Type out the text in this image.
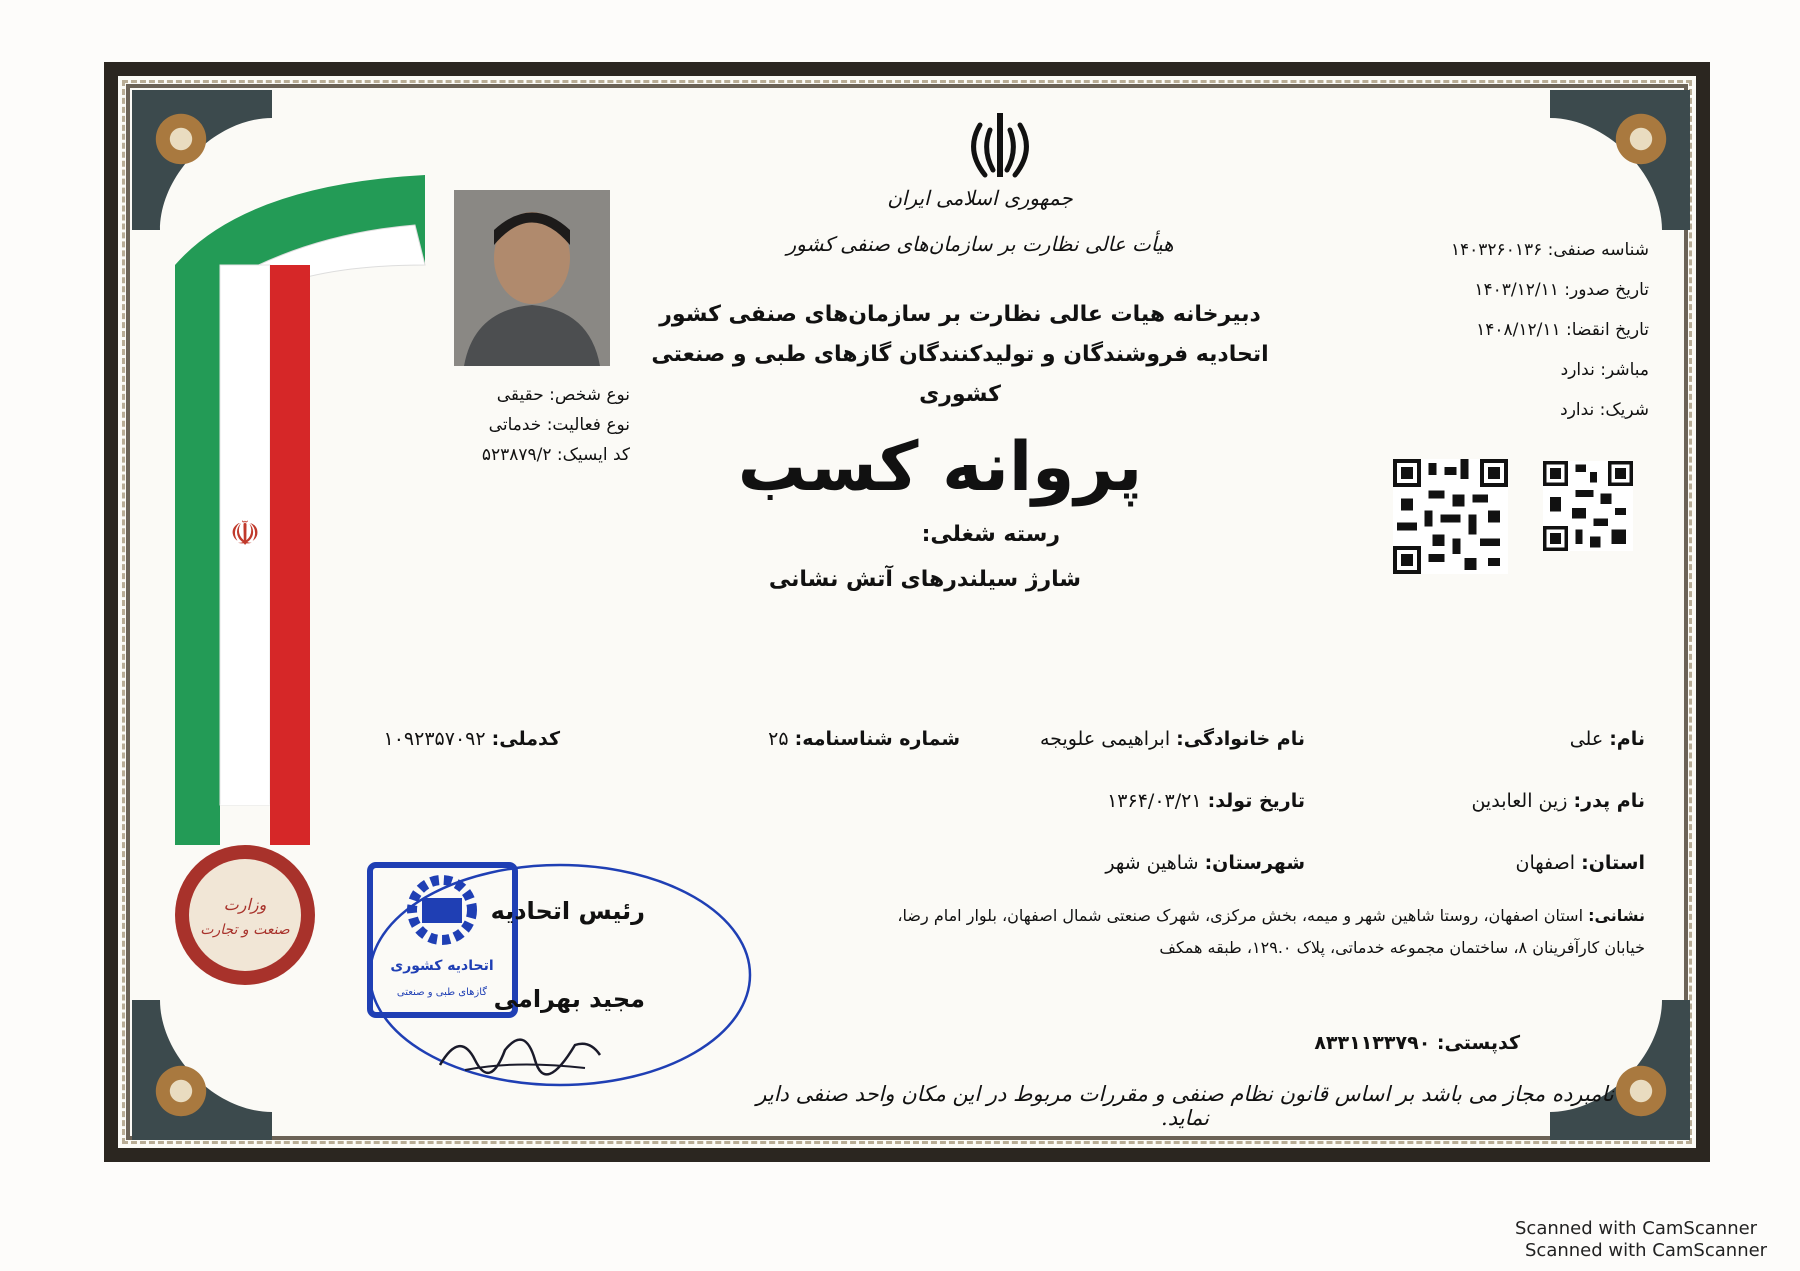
☫
جمهوری اسلامی ایران
هیأت عالی نظارت بر سازمان‌های صنفی کشور
دبیرخانه هیات عالی نظارت بر سازمان‌های صنفی کشور
اتحادیه فروشندگان و تولیدکنندگان گازهای طبی و صنعتی
کشوری
پروانه کسب
رسته شغلی:
شارژ سیلندرهای آتش نشانی
شناسه صنفی: ۱۴۰۳۲۶۰۱۳۶
تاریخ صدور: ۱۴۰۳/۱۲/۱۱
تاریخ انقضا: ۱۴۰۸/۱۲/۱۱
مباشر: ندارد
شریک: ندارد
نوع شخص: حقیقی
نوع فعالیت: خدماتی
کد ایسیک: ۵۲۳۸۷۹/۲
نام: علی
نام خانوادگی: ابراهیمی علویجه
شماره شناسنامه: ۲۵
کدملی: ۱۰۹۲۳۵۷۰۹۲
نام پدر: زین العابدین
تاریخ تولد: ۱۳۶۴/۰۳/۲۱
استان: اصفهان
شهرستان: شاهین شهر
نشانی: استان اصفهان، روستا شاهین شهر و میمه، بخش مرکزی، شهرک صنعتی شمال اصفهان، بلوار امام رضا،
خیابان کارآفرینان ۸، ساختمان مجموعه خدماتی، پلاک ۱۲۹.۰، طبقه همکف
کدپستی: ۸۳۳۱۱۳۳۷۹۰
وزارت
صنعت و تجارت
اتحادیه کشوری
گازهای طبی و صنعتی
رئیس اتحادیه
مجید بهرامی
نامبرده مجاز می باشد بر اساس قانون نظام صنفی و مقررات مربوط در این مکان واحد صنفی دایر نماید.
Scanned with CamScanner
Scanned with CamScanner
